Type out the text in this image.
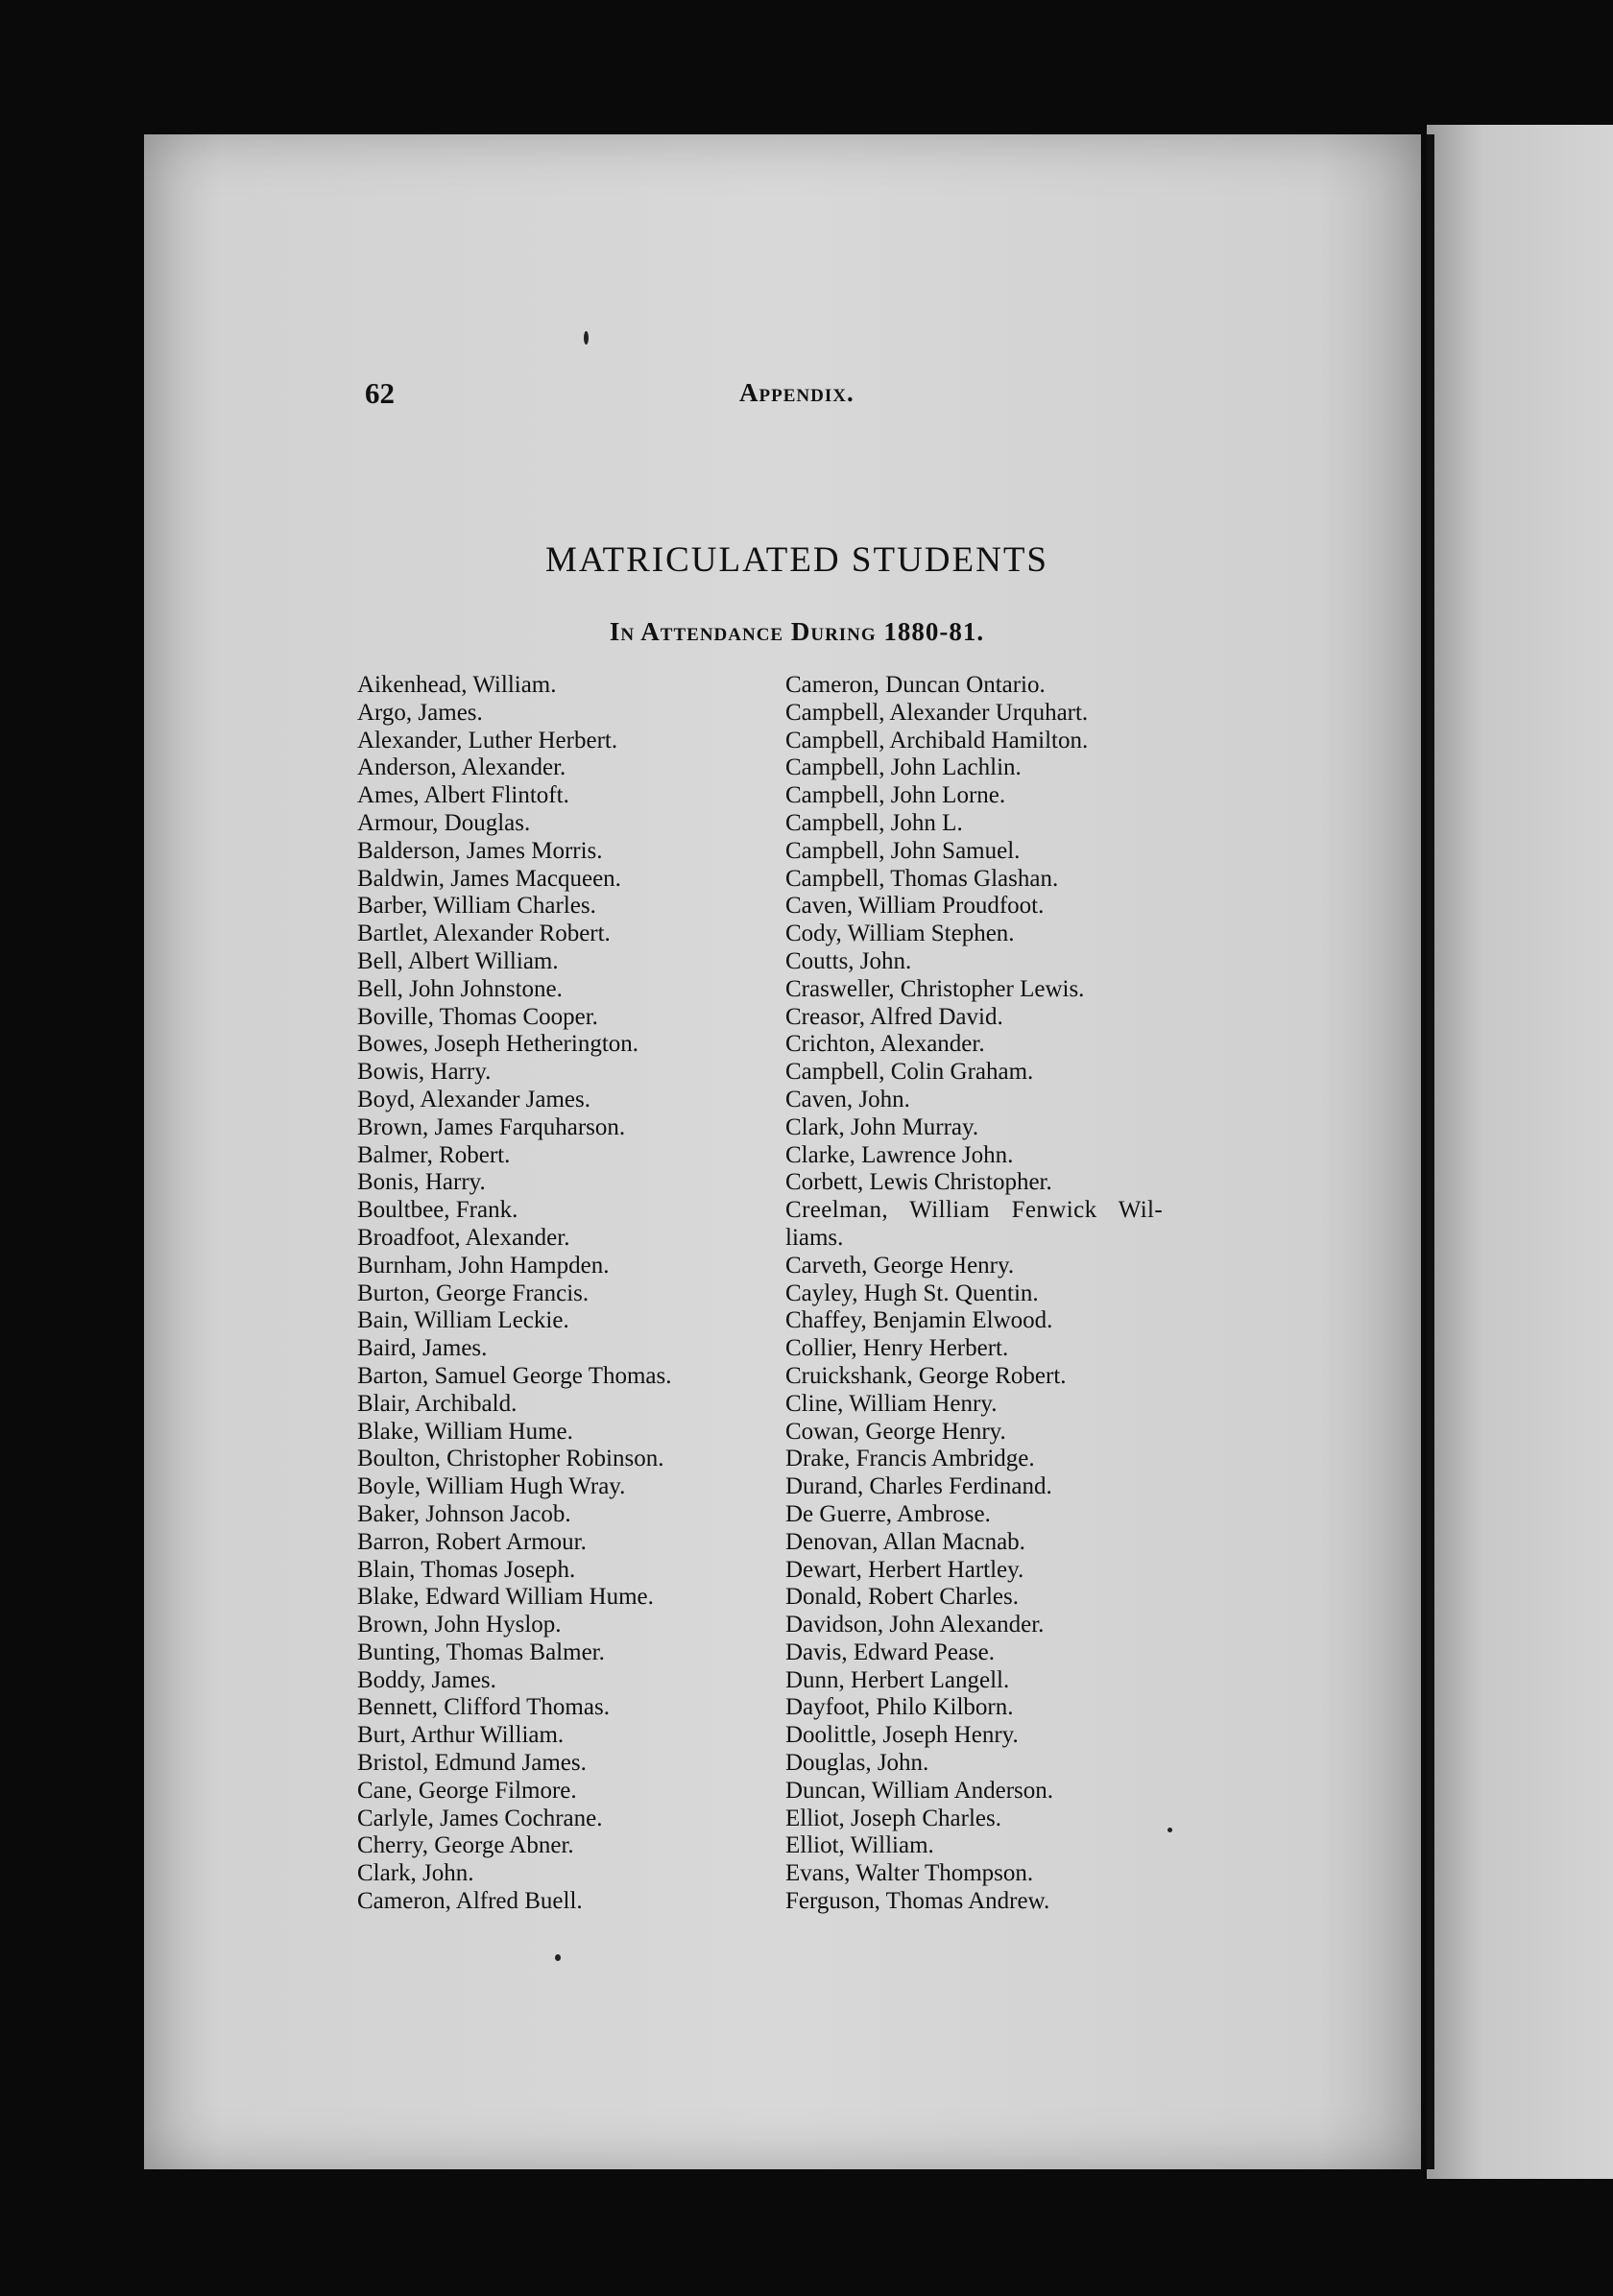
62	Appendix.
MATRICULATED STUDENTS
In Attendance During 1880-81.
Aikenhead, William.
Argo, James.
Alexander, Luther Herbert.
Anderson, Alexander.
Ames, Albert Flintoft.
Armour, Douglas.
Balderson, James Morris.
Baldwin, James Macqueen.
Barber, William Charles.
Bartlet, Alexander Robert.
Bell, Albert William.
Bell, John Johnstone.
Boville, Thomas Cooper.
Bowes, Joseph Hetherington.
Bowis, Harry.
Boyd, Alexander James.
Brown, James Farquharson.
Balmer, Robert.
Bonis, Harry.
Boultbee, Frank.
Broadfoot, Alexander.
Burnham, John Hampden.
Burton, George Francis.
Bain, William Leckie.
Baird, James.
Barton, Samuel George Thomas.
Blair, Archibald.
Blake, William Hume.
Boulton, Christopher Robinson.
Boyle, William Hugh Wray.
Baker, Johnson Jacob.
Barron, Robert Armour.
Blain, Thomas Joseph.
Blake, Edward William Hume.
Brown, John Hyslop.
Bunting, Thomas Balmer.
Boddy, James.
Bennett, Clifford Thomas.
Burt, Arthur William.
Bristol, Edmund James.
Cane, George Filmore.
Carlyle, James Cochrane.
Cherry, George Abner.
Clark, John.
Cameron, Alfred Buell.
Cameron, Duncan Ontario.
Campbell, Alexander Urquhart.
Campbell, Archibald Hamilton.
Campbell, John Lachlin.
Campbell, John Lorne.
Campbell, John L.
Campbell, John Samuel.
Campbell, Thomas Glashan.
Caven, William Proudfoot.
Cody, William Stephen.
Coutts, John.
Crasweller, Christopher Lewis.
Creasor, Alfred David.
Crichton, Alexander.
Campbell, Colin Graham.
Caven, John.
Clark, John Murray.
Clarke, Lawrence John.
Corbett, Lewis Christopher.
Creelman, William Fenwick Wil-
liams.
Carveth, George Henry.
Cayley, Hugh St. Quentin.
Chaffey, Benjamin Elwood.
Collier, Henry Herbert.
Cruickshank, George Robert.
Cline, William Henry.
Cowan, George Henry.
Drake, Francis Ambridge.
Durand, Charles Ferdinand.
De Guerre, Ambrose.
Denovan, Allan Macnab.
Dewart, Herbert Hartley.
Donald, Robert Charles.
Davidson, John Alexander.
Davis, Edward Pease.
Dunn, Herbert Langell.
Dayfoot, Philo Kilborn.
Doolittle, Joseph Henry.
Douglas, John.
Duncan, William Anderson.
Elliot, Joseph Charles.
Elliot, William.
Evans, Walter Thompson.
Ferguson, Thomas Andrew.
